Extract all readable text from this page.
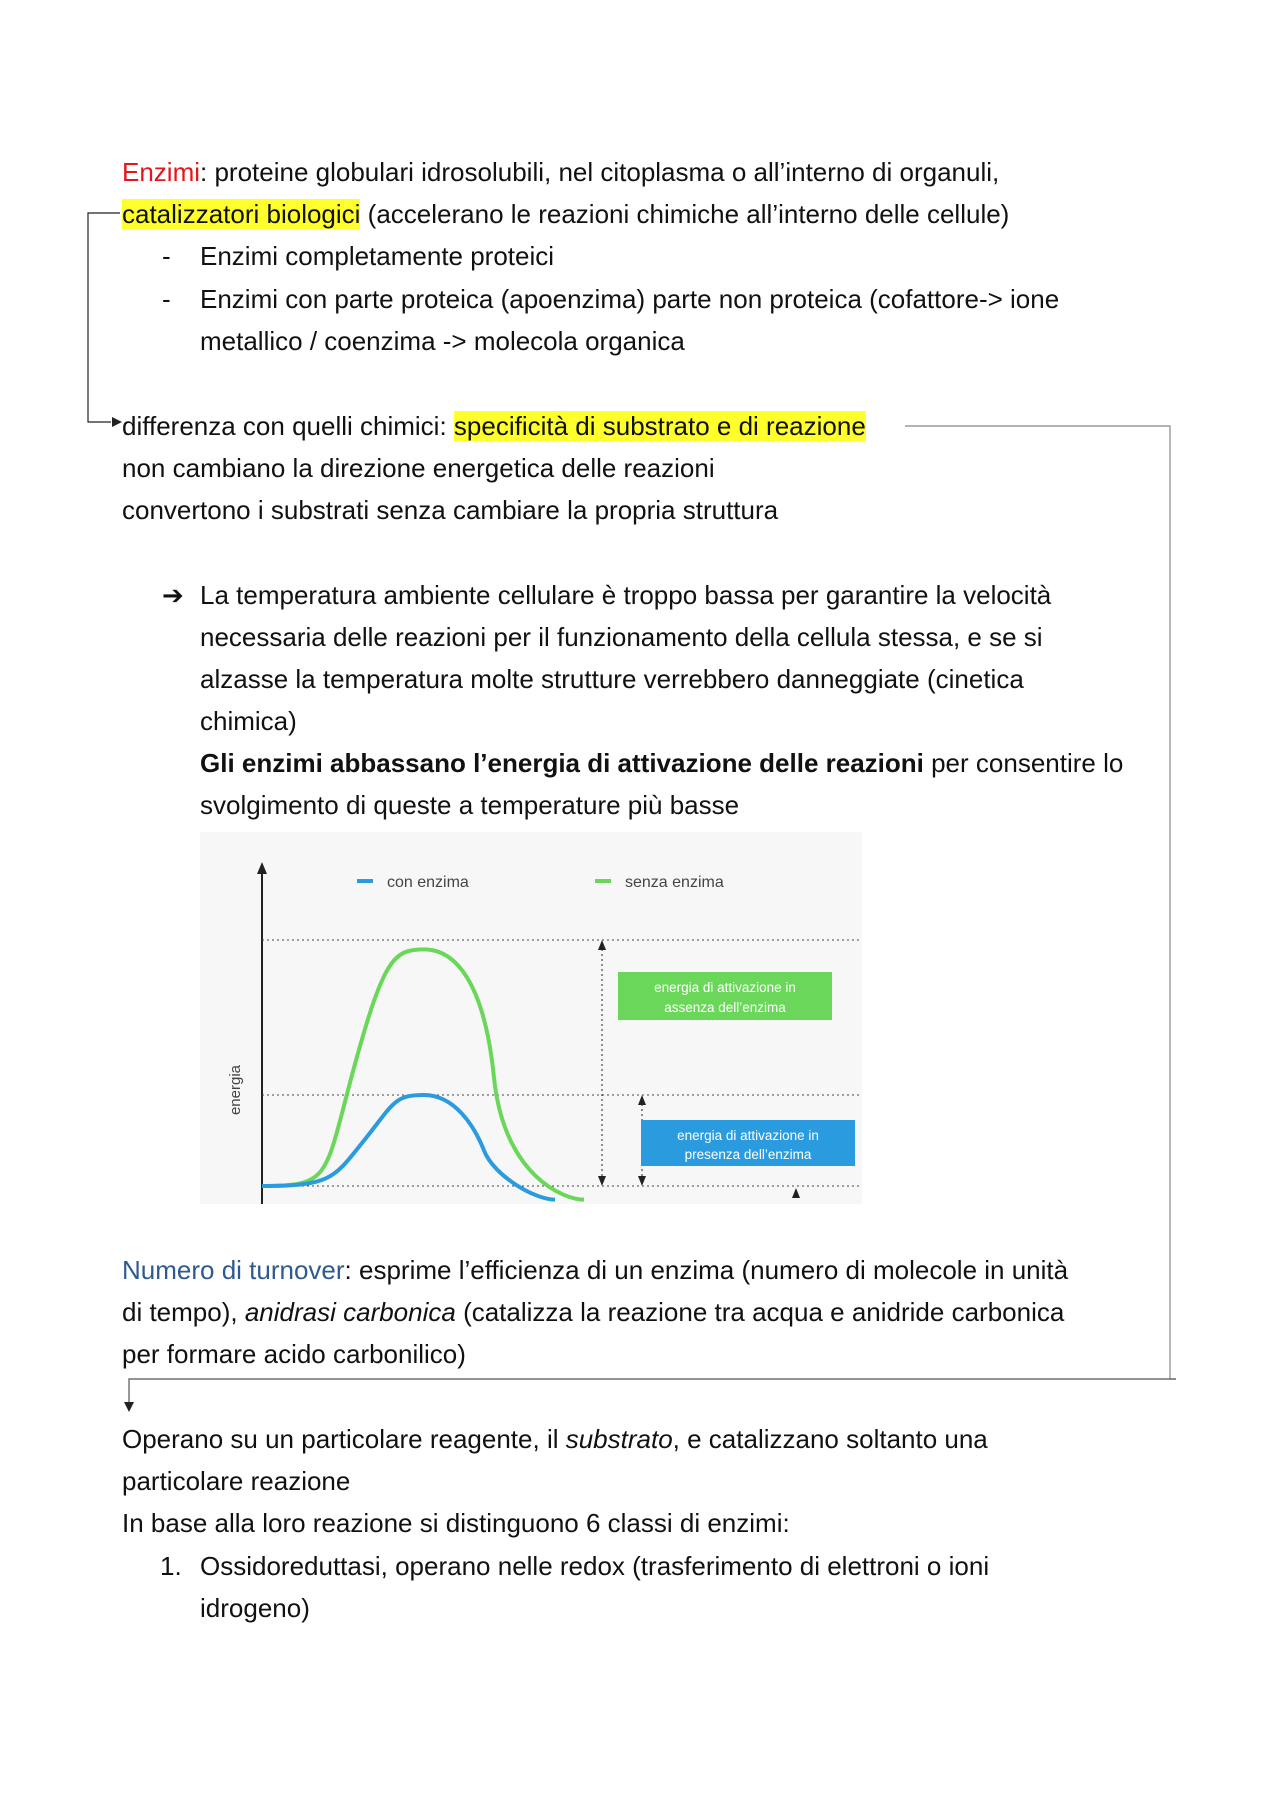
Enzimi: proteine globulari idrosolubili, nel citoplasma o all’interno di organuli,
catalizzatori biologici (accelerano le reazioni chimiche all’interno delle cellule)
- Enzimi completamente proteici
- Enzimi con parte proteica (apoenzima) parte non proteica (cofattore-> ione
metallico / coenzima -> molecola organica
differenza con quelli chimici: specificità di substrato e di reazione
non cambiano la direzione energetica delle reazioni
convertono i substrati senza cambiare la propria struttura
➔ La temperatura ambiente cellulare è troppo bassa per garantire la velocità
necessaria delle reazioni per il funzionamento della cellula stessa, e se si
alzasse la temperatura molte strutture verrebbero danneggiate (cinetica
chimica)
Gli enzimi abbassano l’energia di attivazione delle reazioni per consentire lo
svolgimento di queste a temperature più basse
energia
con enzima	senza enzima
energia di attivazione in
assenza dell’enzima
energia di attivazione in
presenza dell’enzima
Numero di turnover: esprime l’efficienza di un enzima (numero di molecole in unità
di tempo), anidrasi carbonica (catalizza la reazione tra acqua e anidride carbonica
per formare acido carbonilico)
Operano su un particolare reagente, il substrato, e catalizzano soltanto una
particolare reazione
In base alla loro reazione si distinguono 6 classi di enzimi:
1. Ossidoreduttasi, operano nelle redox (trasferimento di elettroni o ioni
idrogeno)
